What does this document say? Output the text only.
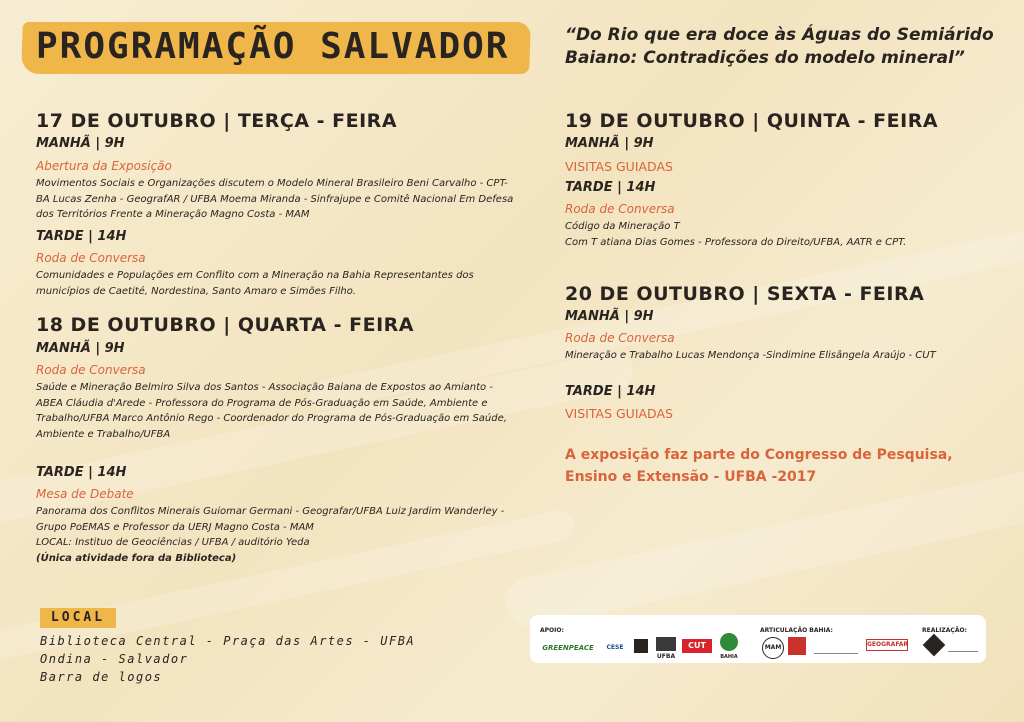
PROGRAMAÇÃO SALVADOR	“Do Rio que era doce às Águas do Semiárido Baiano: Contradições do modelo mineral”
17 DE OUTUBRO | TERÇA - FEIRA
MANHÃ | 9H
Abertura da Exposição
Movimentos Sociais e Organizações discutem o Modelo Mineral Brasileiro Beni Carvalho - CPT-BA Lucas Zenha - GeografAR / UFBA Moema Miranda - Sinfrajupe e Comitê Nacional Em Defesa dos Territórios Frente a Mineração Magno Costa - MAM
TARDE | 14H
Roda de Conversa
Comunidades e Populações em Conflito com a Mineração na Bahia Representantes dos municípios de Caetité, Nordestina, Santo Amaro e Simões Filho.
18 DE OUTUBRO | QUARTA - FEIRA
MANHÃ | 9H
Roda de Conversa
Saúde e Mineração Belmiro Silva dos Santos - Associação Baiana de Expostos ao Amianto -ABEA Cláudia d'Arede - Professora do Programa de Pós-Graduação em Saúde, Ambiente e Trabalho/UFBA Marco Antônio Rego - Coordenador do Programa de Pós-Graduação em Saúde, Ambiente e Trabalho/UFBA
TARDE | 14H
Mesa de Debate
Panorama dos Conflitos Minerais Guiomar Germani - Geografar/UFBA Luiz Jardim Wanderley - Grupo PoEMAS e Professor da UERJ Magno Costa - MAM
LOCAL: Instituo de Geociências / UFBA / auditório Yeda
(Única atividade fora da Biblioteca)
19 DE OUTUBRO | QUINTA - FEIRA
MANHÃ | 9H
VISITAS GUIADAS
TARDE | 14H
Roda de Conversa
Código da Mineração T
Com T atiana Dias Gomes - Professora do Direito/UFBA, AATR e CPT.
20 DE OUTUBRO | SEXTA - FEIRA
MANHÃ | 9H
Roda de Conversa
Mineração e Trabalho Lucas Mendonça -Sindimine Elisângela Araújo - CUT
TARDE | 14H
VISITAS GUIADAS
A exposição faz parte do Congresso de Pesquisa, Ensino e Extensão - UFBA -2017
LOCAL
Biblioteca Central - Praça das Artes - UFBA
Ondina - Salvador
Barra de logos
APOIO:	ARTICULAÇÃO BAHIA:	REALIZAÇÃO:
GREENPEACE	CESE
UFBA
CUT
BAHIA
MAM	GEOGRAFAR
